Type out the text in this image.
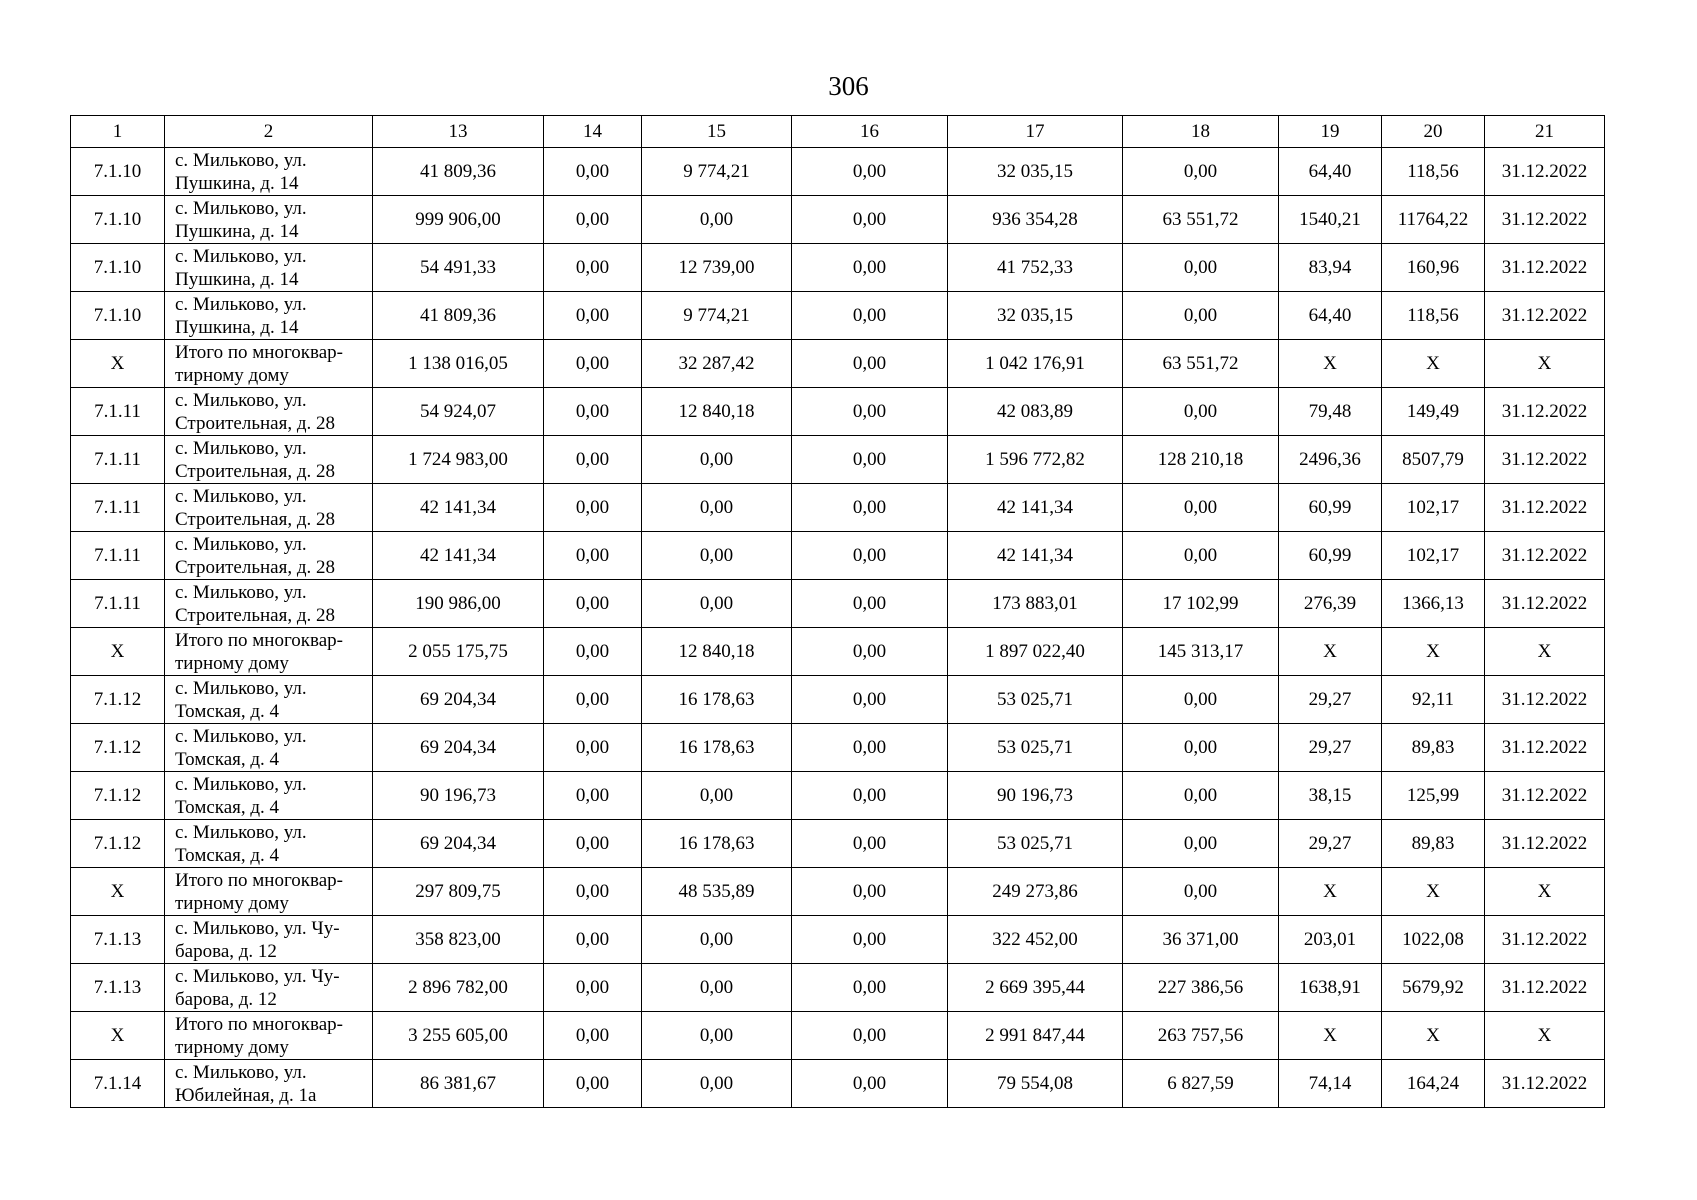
306
1	2	13	14	15	16	17	18	19	20	21
7.1.10	с. Мильково, ул. Пушкина, д. 14	41 809,36	0,00	9 774,21	0,00	32 035,15	0,00	64,40	118,56	31.12.2022
7.1.10	с. Мильково, ул. Пушкина, д. 14	999 906,00	0,00	0,00	0,00	936 354,28	63 551,72	1540,21	11764,22	31.12.2022
7.1.10	с. Мильково, ул. Пушкина, д. 14	54 491,33	0,00	12 739,00	0,00	41 752,33	0,00	83,94	160,96	31.12.2022
7.1.10	с. Мильково, ул. Пушкина, д. 14	41 809,36	0,00	9 774,21	0,00	32 035,15	0,00	64,40	118,56	31.12.2022
Х	Итого по многоквар-тирному дому	1 138 016,05	0,00	32 287,42	0,00	1 042 176,91	63 551,72	Х	Х	Х
7.1.11	с. Мильково, ул. Строительная, д. 28	54 924,07	0,00	12 840,18	0,00	42 083,89	0,00	79,48	149,49	31.12.2022
7.1.11	с. Мильково, ул. Строительная, д. 28	1 724 983,00	0,00	0,00	0,00	1 596 772,82	128 210,18	2496,36	8507,79	31.12.2022
7.1.11	с. Мильково, ул. Строительная, д. 28	42 141,34	0,00	0,00	0,00	42 141,34	0,00	60,99	102,17	31.12.2022
7.1.11	с. Мильково, ул. Строительная, д. 28	42 141,34	0,00	0,00	0,00	42 141,34	0,00	60,99	102,17	31.12.2022
7.1.11	с. Мильково, ул. Строительная, д. 28	190 986,00	0,00	0,00	0,00	173 883,01	17 102,99	276,39	1366,13	31.12.2022
Х	Итого по многоквар-тирному дому	2 055 175,75	0,00	12 840,18	0,00	1 897 022,40	145 313,17	Х	Х	Х
7.1.12	с. Мильково, ул. Томская, д. 4	69 204,34	0,00	16 178,63	0,00	53 025,71	0,00	29,27	92,11	31.12.2022
7.1.12	с. Мильково, ул. Томская, д. 4	69 204,34	0,00	16 178,63	0,00	53 025,71	0,00	29,27	89,83	31.12.2022
7.1.12	с. Мильково, ул. Томская, д. 4	90 196,73	0,00	0,00	0,00	90 196,73	0,00	38,15	125,99	31.12.2022
7.1.12	с. Мильково, ул. Томская, д. 4	69 204,34	0,00	16 178,63	0,00	53 025,71	0,00	29,27	89,83	31.12.2022
Х	Итого по многоквар-тирному дому	297 809,75	0,00	48 535,89	0,00	249 273,86	0,00	Х	Х	Х
7.1.13	с. Мильково, ул. Чу-барова, д. 12	358 823,00	0,00	0,00	0,00	322 452,00	36 371,00	203,01	1022,08	31.12.2022
7.1.13	с. Мильково, ул. Чу-барова, д. 12	2 896 782,00	0,00	0,00	0,00	2 669 395,44	227 386,56	1638,91	5679,92	31.12.2022
Х	Итого по многоквар-тирному дому	3 255 605,00	0,00	0,00	0,00	2 991 847,44	263 757,56	Х	Х	Х
7.1.14	с. Мильково, ул. Юбилейная, д. 1а	86 381,67	0,00	0,00	0,00	79 554,08	6 827,59	74,14	164,24	31.12.2022
